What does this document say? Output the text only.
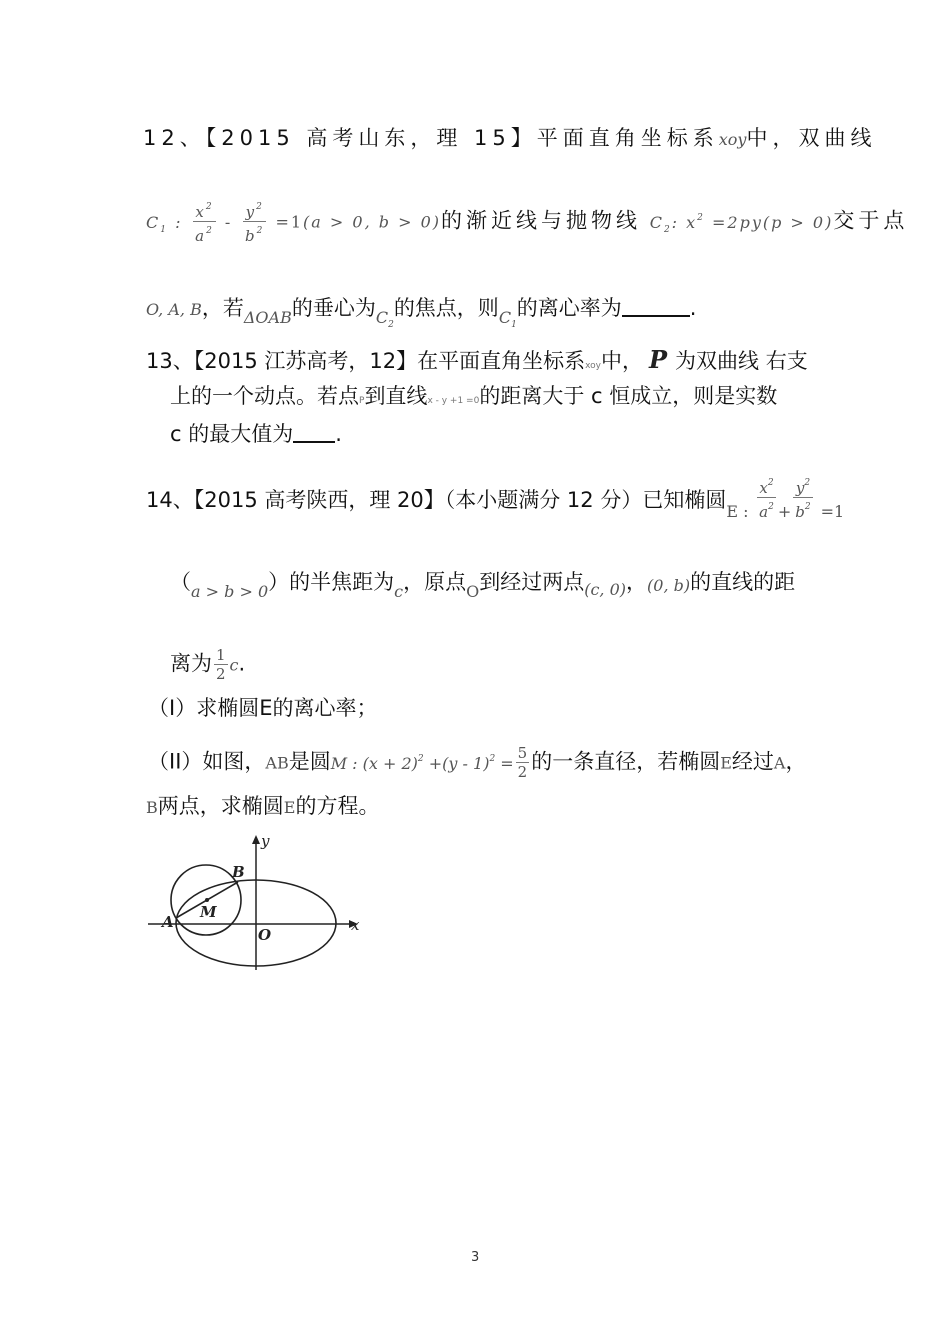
12、【2015 高考山东，理 15】平面直角坐标系xoy中，双曲线
$C_1$ : $\frac{x^2}{a^2} - \frac{y^2}{b^2} =1(a > 0$, b > 0)的渐近线与抛物线 $C_2$: $x^2 =2py(p > 0)$交于点
O, A, B，若$_{\Delta OAB}$的垂心为$_{C_2}$的焦点，则$_{C_1}$的离心率为	.
13、【2015 江苏高考，12】在平面直角坐标系xoy中， P 为双曲线 右支
上的一个动点。若点P到直线x - y +1 =0的距离大于 c 恒成立，则是实数
c 的最大值为 .
14、【2015 高考陕西，理 20】（本小题满分 12 分）已知椭圆$_{E :} \frac{x^2}{a^2} _+ \frac{y^2}{b^2} _{=1}$
$(_{a > b > 0})$的半焦距为$_c$，原点$_O$到经过两点$_{(c, 0)}$，(0, b)的直线的距
离为 $\frac{1}{2} c$.
（I）求椭圆E的离心率；
（II）如图，AB是圆M : $(x + 2)^2 +(y - 1)^2 = \frac{5}{2}$ 的一条直径，若椭圆E经过A，
B两点，求椭圆E的方程。
y
x
B
A
M
O
3
